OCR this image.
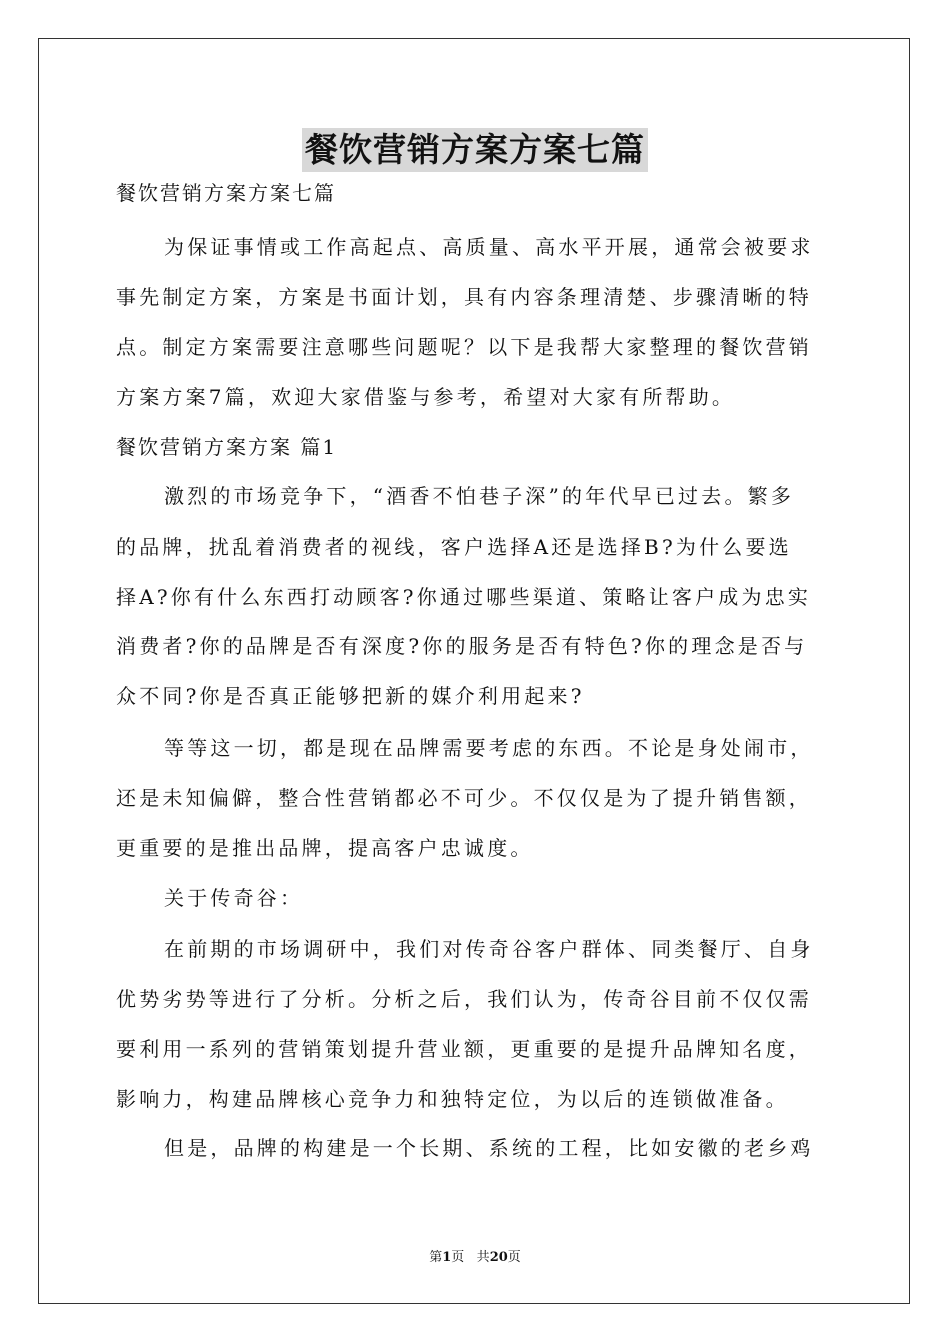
餐饮营销方案方案七篇
餐饮营销方案方案七篇
为保证事情或工作高起点、高质量、高水平开展，通常会被要求
事先制定方案，方案是书面计划，具有内容条理清楚、步骤清晰的特
点。制定方案需要注意哪些问题呢？以下是我帮大家整理的餐饮营销
方案方案7篇，欢迎大家借鉴与参考，希望对大家有所帮助。
餐饮营销方案方案 篇1
激烈的市场竞争下，“酒香不怕巷子深”的年代早已过去。繁多
的品牌，扰乱着消费者的视线，客户选择A还是选择B?为什么要选
择A?你有什么东西打动顾客?你通过哪些渠道、策略让客户成为忠实
消费者?你的品牌是否有深度?你的服务是否有特色?你的理念是否与
众不同?你是否真正能够把新的媒介利用起来?
等等这一切，都是现在品牌需要考虑的东西。不论是身处闹市，
还是未知偏僻，整合性营销都必不可少。不仅仅是为了提升销售额，
更重要的是推出品牌，提高客户忠诚度。
关于传奇谷：
在前期的市场调研中，我们对传奇谷客户群体、同类餐厅、自身
优势劣势等进行了分析。分析之后，我们认为，传奇谷目前不仅仅需
要利用一系列的营销策划提升营业额，更重要的是提升品牌知名度，
影响力，构建品牌核心竞争力和独特定位，为以后的连锁做准备。
但是，品牌的构建是一个长期、系统的工程，比如安徽的老乡鸡
第1页 共20页
